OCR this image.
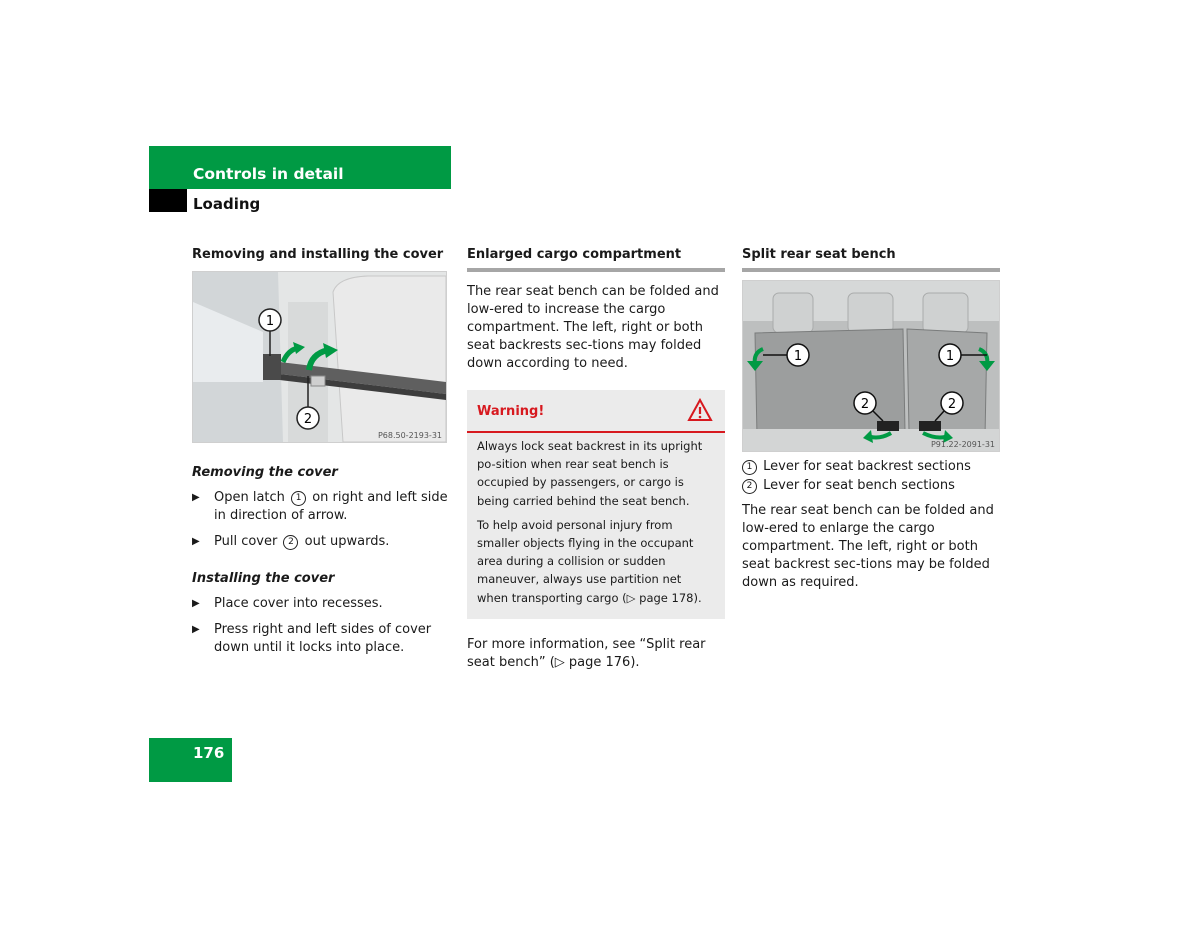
Controls in detail
Loading
Removing and installing the cover
1
2
P68.50-2193-31
Removing the cover
▶	Open latch 1 on right and left side in direction of arrow.
▶	Pull cover 2 out upwards.
Installing the cover
▶	Place cover into recesses.
▶	Press right and left sides of cover down until it locks into place.
Enlarged cargo compartment

The rear seat bench can be folded and low-ered to increase the cargo compartment. The left, right or both seat backrests sec-tions may folded down according to need.

Warning!

Always lock seat backrest in its upright po-sition when rear seat bench is occupied by passengers, or cargo is being carried behind the seat bench.

To help avoid personal injury from smaller objects flying in the occupant area during a collision or sudden maneuver, always use partition net when transporting cargo (▷ page 178).

For more information, see “Split rear seat bench” (▷ page 176).

Split rear seat bench
1	1
2	2
P91.22-2091-31
1 Lever for seat backrest sections
2 Lever for seat bench sections

The rear seat bench can be folded and low-ered to enlarge the cargo compartment. The left, right or both seat backrest sec-tions may be folded down as required.

176
